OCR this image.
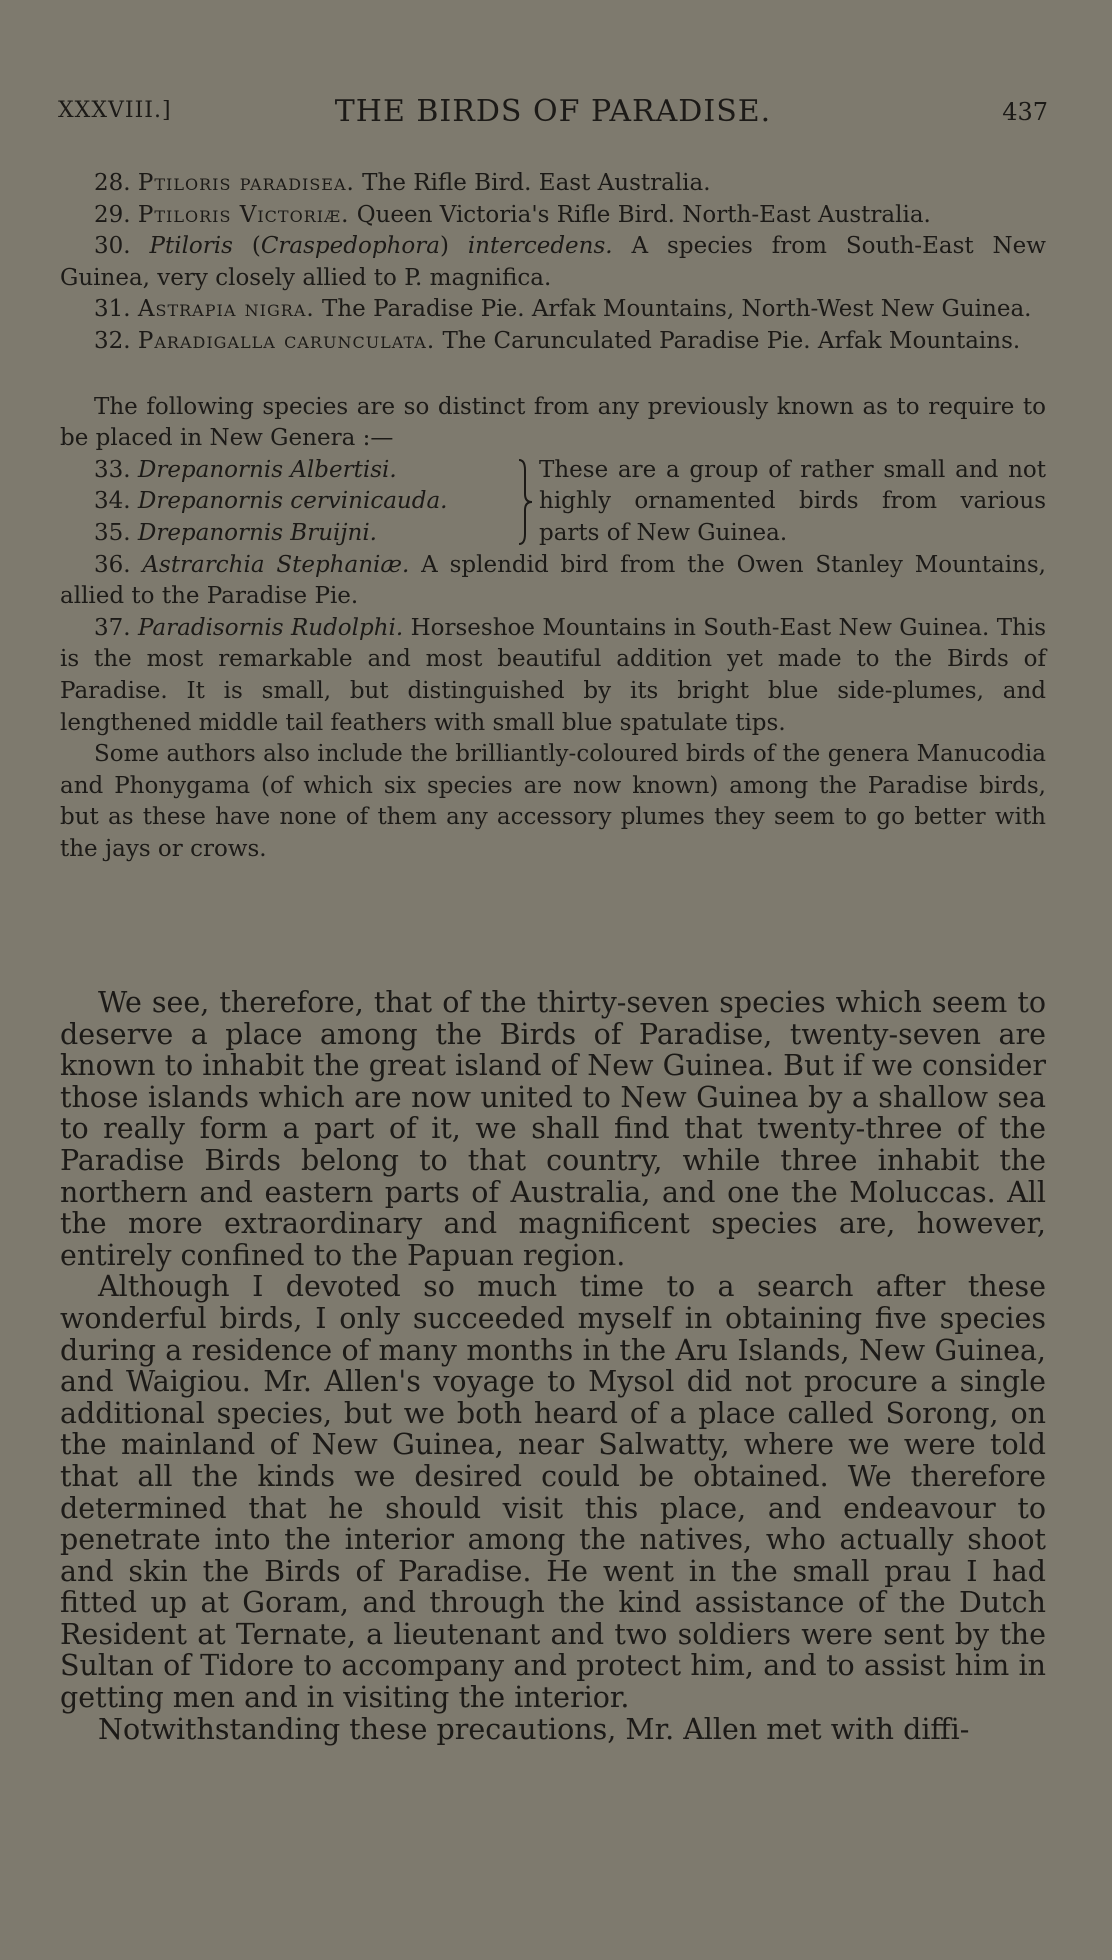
XXXVIII.]	THE BIRDS OF PARADISE.	437

28. Ptiloris paradisea. The Rifle Bird. East Australia.

29. Ptiloris Victoriæ. Queen Victoria's Rifle Bird. North-East Australia.

30. Ptiloris (Craspedophora) intercedens. A species from South-East New Guinea, very closely allied to P. magnifica.

31. Astrapia nigra. The Paradise Pie. Arfak Mountains, North-West New Guinea.

32. Paradigalla carunculata. The Carunculated Paradise Pie. Arfak Mountains.

The following species are so distinct from any previously known as to require to be placed in New Genera :—

33. Drepanornis Albertisi.
34. Drepanornis cervinicauda.
35. Drepanornis Bruijni.
These are a group of rather small and not highly ornamented birds from various parts of New Guinea.

36. Astrarchia Stephaniæ. A splendid bird from the Owen Stanley Mountains, allied to the Paradise Pie.

37. Paradisornis Rudolphi. Horseshoe Mountains in South-East New Guinea. This is the most remarkable and most beautiful addition yet made to the Birds of Paradise. It is small, but distinguished by its bright blue side-plumes, and lengthened middle tail feathers with small blue spatulate tips.

Some authors also include the brilliantly-coloured birds of the genera Manucodia and Phonygama (of which six species are now known) among the Paradise birds, but as these have none of them any accessory plumes they seem to go better with the jays or crows.

We see, therefore, that of the thirty-seven species which seem to deserve a place among the Birds of Paradise, twenty-seven are known to inhabit the great island of New Guinea. But if we consider those islands which are now united to New Guinea by a shallow sea to really form a part of it, we shall find that twenty-three of the Paradise Birds belong to that country, while three inhabit the northern and eastern parts of Australia, and one the Moluccas. All the more extraordinary and magnificent species are, however, entirely confined to the Papuan region.

Although I devoted so much time to a search after these wonderful birds, I only succeeded myself in obtaining five species during a residence of many months in the Aru Islands, New Guinea, and Waigiou. Mr. Allen's voyage to Mysol did not procure a single additional species, but we both heard of a place called Sorong, on the mainland of New Guinea, near Salwatty, where we were told that all the kinds we desired could be obtained. We therefore determined that he should visit this place, and endeavour to penetrate into the interior among the natives, who actually shoot and skin the Birds of Paradise. He went in the small prau I had fitted up at Goram, and through the kind assistance of the Dutch Resident at Ternate, a lieutenant and two soldiers were sent by the Sultan of Tidore to accompany and protect him, and to assist him in getting men and in visiting the interior.

Notwithstanding these precautions, Mr. Allen met with diffi-
